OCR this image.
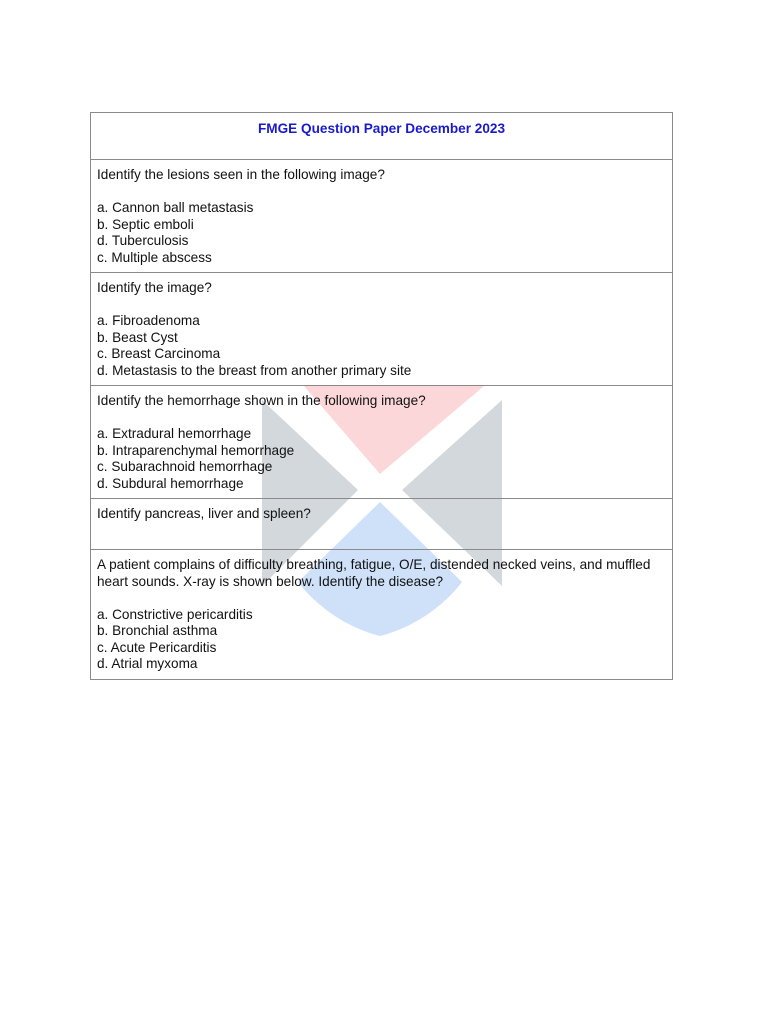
FMGE Question Paper December 2023

Identify the lesions seen in the following image?
a. Cannon ball metastasis
b. Septic emboli
d. Tuberculosis
c. Multiple abscess

Identify the image?
a. Fibroadenoma
b. Beast Cyst
c. Breast Carcinoma
d. Metastasis to the breast from another primary site

Identify the hemorrhage shown in the following image?
a. Extradural hemorrhage
b. Intraparenchymal hemorrhage
c. Subarachnoid hemorrhage
d. Subdural hemorrhage

Identify pancreas, liver and spleen?

A patient complains of difficulty breathing, fatigue, O/E, distended necked veins, and muffled heart sounds. X-ray is shown below. Identify the disease?
a. Constrictive pericarditis
b. Bronchial asthma
c. Acute Pericarditis
d. Atrial myxoma
